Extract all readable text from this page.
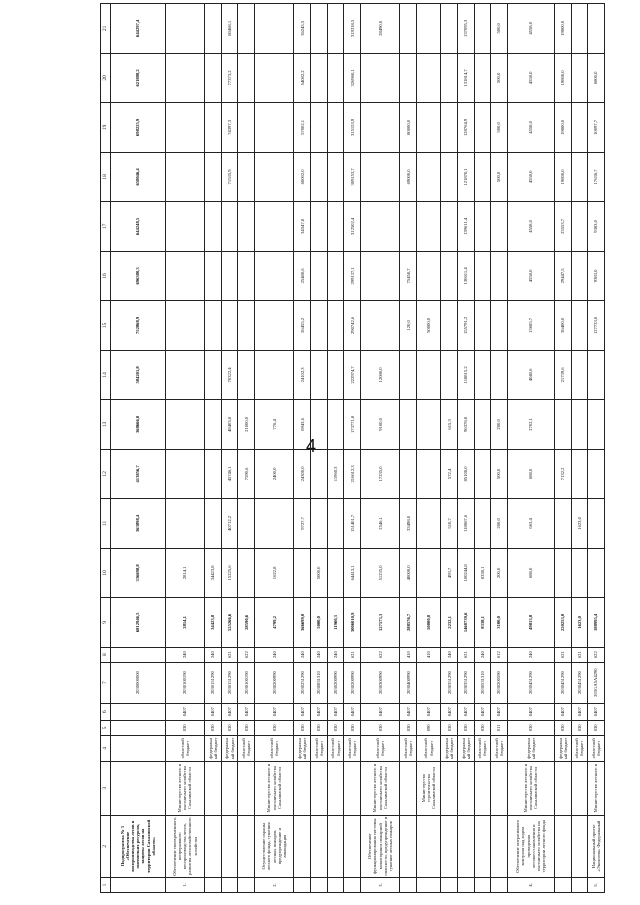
4
1	2	3	4	5	6	7	8	9	10	11	12	13	14	15	16	17	18	19	20	21
	Подпрограмма № 3 «Обеспечение воспроизводства лесов и охотничьих ресурсов, защиты лесов на территории Сахалинской области»					2030000000		6812946,5	336698,8	363898,4	413856,7	368666,0	584201,8	752868,9	696380,3	644248,5	658046,4	698225,9	621888,2	644297,4
1.	Обеспечение своевременного, непрерывного воспроизводства лесов, развития лесохозяйственного хозяйства	Министерство лесного и охотничьего хозяйства Сахалинской области	областной бюджет	030	0407	2030100190	240	2814,1	2814,1											
			федеральный бюджет	030	0407	2030151290	240	34423,8	34423,8											
			федеральный бюджет	030	0407	2030151290	621	525266,6	15225,6	40712,2	45746,1	48403,8	70322,4				71535,9	74397,3	77373,2	80468,1
			областной бюджет	030	0407	2030100190	622	28590,6			7590,6	21000,0								
2.	Осуществление охраны лесного фонда, тушения лесных пожаров, предупреждение и ликвидация	Министерство лесного и охотничьего хозяйства Сахалинской области	областной бюджет	030	0407	2030200990	240	4799,2	1622,8		2400,0	776,4								
			федеральный бюджет	030	0407	2030251290	240	366699,0		9727,7	24300,0	8943,6	24102,3	26455,2	25480,6	34347,8	60002,0	57002,1	54082,2	36245,5
			областной бюджет	030	0407	2030831310	240	5000,0	5000,0											
			областной бюджет	030	0407	2030200990	240	11960,3			11960,3									
			областной бюджет	030	0407	2030200990	621	3006010,9	64413,1	151401,7	216612,3	173771,8	222974,7	290742,6	299137,1	312502,4	309153,7	315153,9	326960,1	319218,5
3.	Обеспечение функционирования системы мониторинга пожарной опасности, предупреждение и тушение лесных пожаров	Министерство лесного и охотничьего хозяйства Сахалинской области	областной бюджет	030	0407	2030300990	622	127573,3	51235,0	2546,1	17235,0	9100,0	12080,0							28490,0
			областной бюджет	030	0407	2030400990	410	288576,7	40000,0	33498,0				120,0	75450,7		69000,0	80000,0		
		Министерство строительства Сахалинской области	областной бюджет	090	0407		410	50000,0						50000,0						
			федеральный бюджет	030	0407	2030351290	240	2232,1	493,7	510,7	572,4	615,3								
			федеральный бюджет	030	0407	2030351290	621	1460739,6	100244,8	118867,6	85100,0	96378,8	118815,2	155791,2	130611,4	139611,4	121870,1	128764,9	131814,7	137095,3
			областной бюджет	030	0407	2030531310	240	8338,1	8338,1											
			областной бюджет	011	0407	2030200590	612	3100,0	200,0	200,0	500,0	200,0					500,0	500,0	500,0	500,0
4.	Обеспечение оперативного контроля над ходом проведения лесовосстановления и охотничьего хозяйства на территории лесного фонда	Министерство лесного и охотничьего хозяйства Сахалинской области	федеральный бюджет	030	0407	2030451290	240	49813,8	688,0	663,4	688,0	2702,1	4040,6	13685,7	4558,0	4558,0	4558,0	4558,0	4558,0	4558,0
			федеральный бюджет	030	0407	2030451290	621	220253,0			7132,2		21739,6	36400,0	29447,5	23553,7	19800,0	19800,0	19800,0	19800,0
			областной бюджет	030	0407	2030451290	621	1623,0		1623,0										
5.	Национальный проект «Экология» Федеральный	Министерство лесного и	областной бюджет	030	0407	203GA5A4290	622	188995,4						127733,0	9383,0	9383,0	17636,7	10097,7	6800,0	
